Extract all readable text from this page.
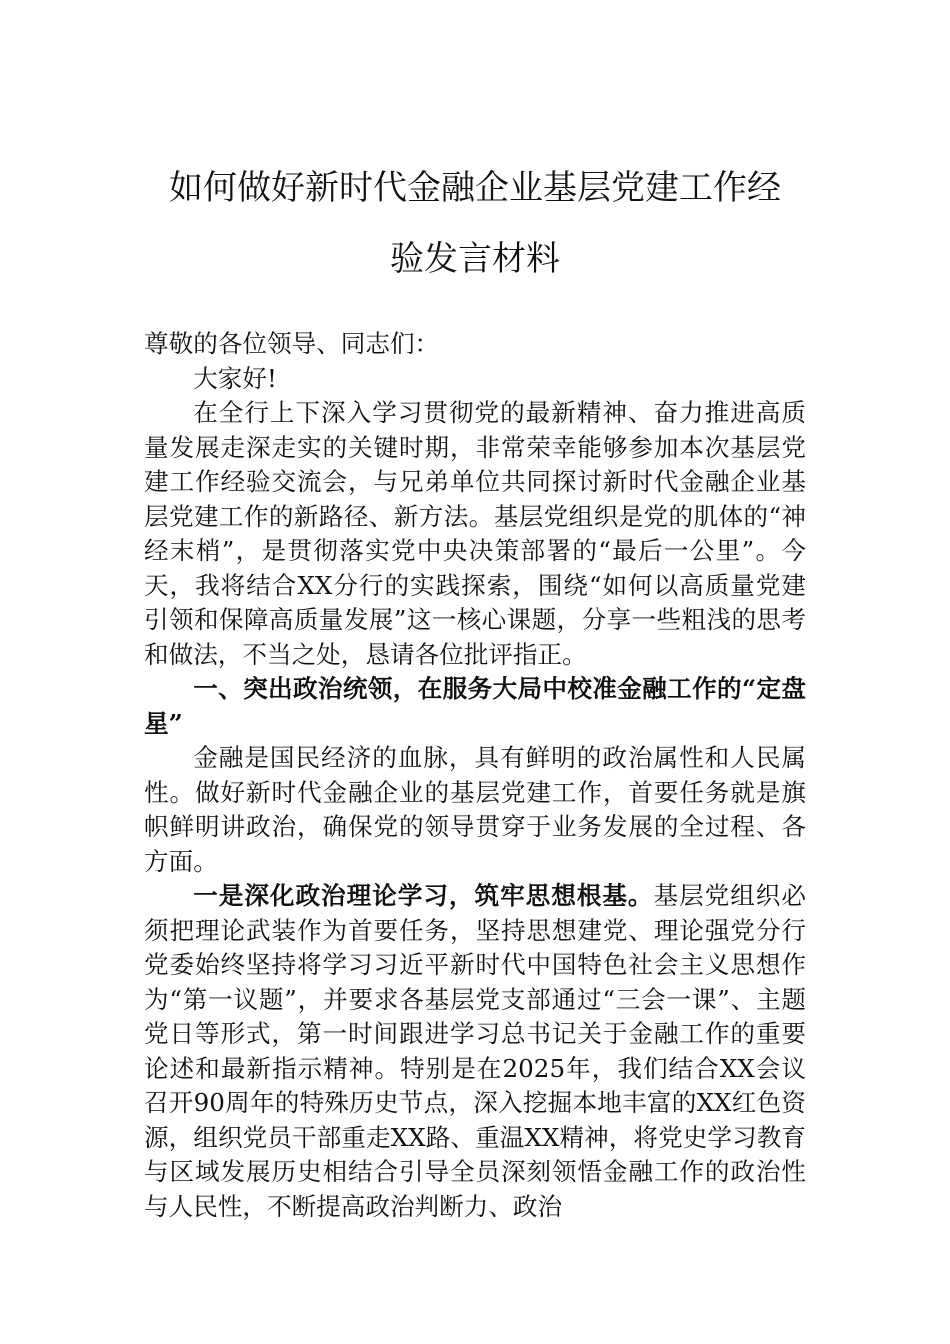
如何做好新时代金融企业基层党建工作经
验发言材料

尊敬的各位领导、同志们：

大家好!

在全行上下深入学习贯彻党的最新精神、奋力推进高质量发展走深走实的关键时期，非常荣幸能够参加本次基层党建工作经验交流会，与兄弟单位共同探讨新时代金融企业基层党建工作的新路径、新方法。基层党组织是党的肌体的“神经末梢”，是贯彻落实党中央决策部署的“最后一公里”。今天，我将结合XX分行的实践探索，围绕“如何以高质量党建引领和保障高质量发展”这一核心课题，分享一些粗浅的思考和做法，不当之处，恳请各位批评指正。

一、突出政治统领，在服务大局中校准金融工作的“定盘星”

金融是国民经济的血脉，具有鲜明的政治属性和人民属性。做好新时代金融企业的基层党建工作，首要任务就是旗帜鲜明讲政治，确保党的领导贯穿于业务发展的全过程、各方面。

一是深化政治理论学习，筑牢思想根基。基层党组织必须把理论武装作为首要任务，坚持思想建党、理论强党分行党委始终坚持将学习习近平新时代中国特色社会主义思想作为“第一议题”，并要求各基层党支部通过“三会一课”、主题党日等形式，第一时间跟进学习总书记关于金融工作的重要论述和最新指示精神。特别是在2025年，我们结合XX会议召开90周年的特殊历史节点，深入挖掘本地丰富的XX红色资源，组织党员干部重走XX路、重温XX精神，将党史学习教育与区域发展历史相结合引导全员深刻领悟金融工作的政治性与人民性，不断提高政治判断力、政治
